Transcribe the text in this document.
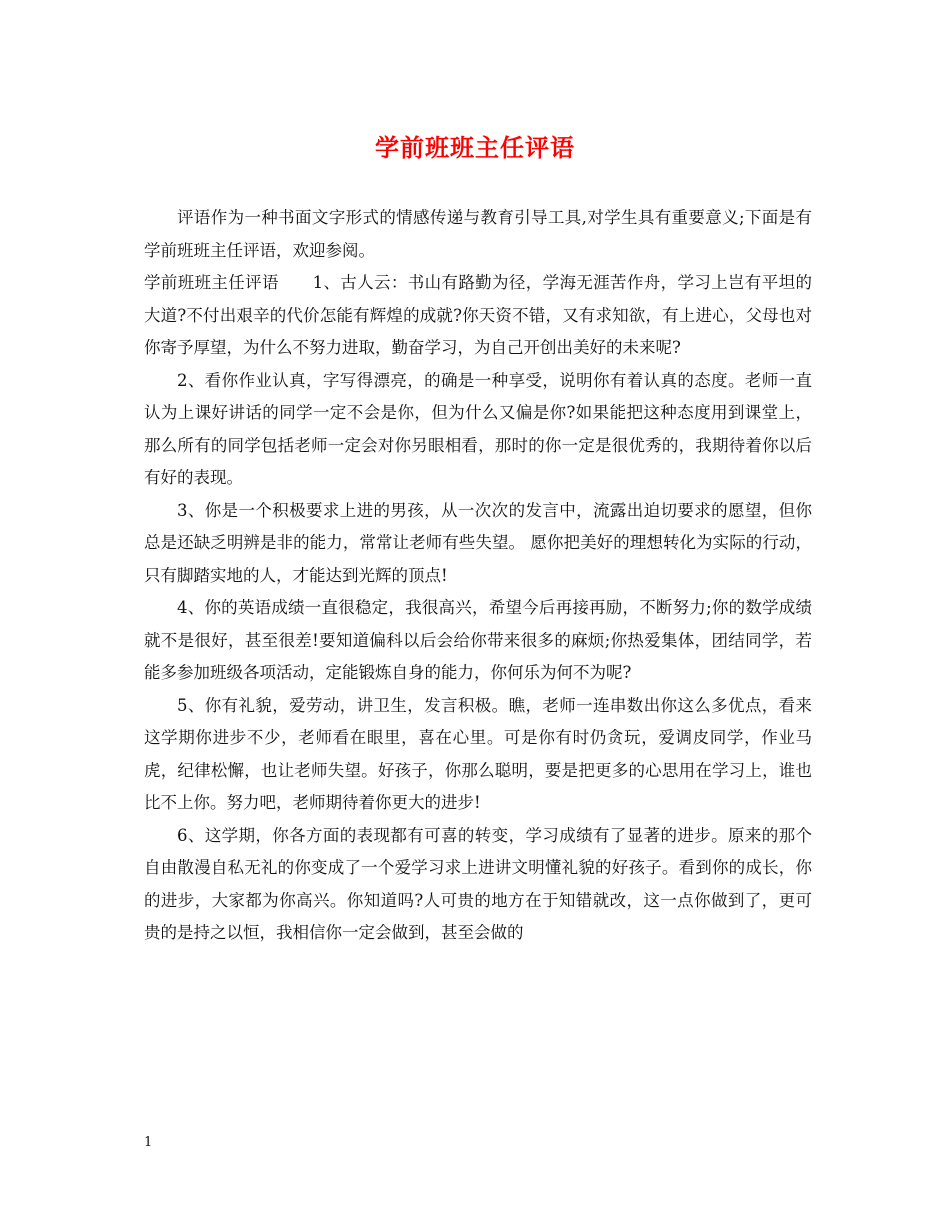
学前班班主任评语

评语作为一种书面文字形式的情感传递与教育引导工具,对学生具有重要意义;下面是有学前班班主任评语，欢迎参阅。

学前班班主任评语　　1、古人云：书山有路勤为径，学海无涯苦作舟，学习上岂有平坦的大道?不付出艰辛的代价怎能有辉煌的成就?你天资不错，又有求知欲，有上进心，父母也对你寄予厚望，为什么不努力进取，勤奋学习，为自己开创出美好的未来呢?

2、看你作业认真，字写得漂亮，的确是一种享受，说明你有着认真的态度。老师一直认为上课好讲话的同学一定不会是你，但为什么又偏是你?如果能把这种态度用到课堂上，那么所有的同学包括老师一定会对你另眼相看，那时的你一定是很优秀的，我期待着你以后有好的表现。

3、你是一个积极要求上进的男孩，从一次次的发言中，流露出迫切要求的愿望，但你总是还缺乏明辨是非的能力，常常让老师有些失望。 愿你把美好的理想转化为实际的行动，只有脚踏实地的人，才能达到光辉的顶点!

4、你的英语成绩一直很稳定，我很高兴，希望今后再接再励，不断努力;你的数学成绩就不是很好，甚至很差!要知道偏科以后会给你带来很多的麻烦;你热爱集体，团结同学，若能多参加班级各项活动，定能锻炼自身的能力，你何乐为何不为呢?

5、你有礼貌，爱劳动，讲卫生，发言积极。瞧，老师一连串数出你这么多优点，看来这学期你进步不少，老师看在眼里，喜在心里。可是你有时仍贪玩，爱调皮同学，作业马虎，纪律松懈，也让老师失望。好孩子，你那么聪明，要是把更多的心思用在学习上，谁也比不上你。努力吧，老师期待着你更大的进步!

6、这学期，你各方面的表现都有可喜的转变，学习成绩有了显著的进步。原来的那个自由散漫自私无礼的你变成了一个爱学习求上进讲文明懂礼貌的好孩子。看到你的成长，你的进步，大家都为你高兴。你知道吗?人可贵的地方在于知错就改，这一点你做到了，更可贵的是持之以恒，我相信你一定会做到，甚至会做的

1
